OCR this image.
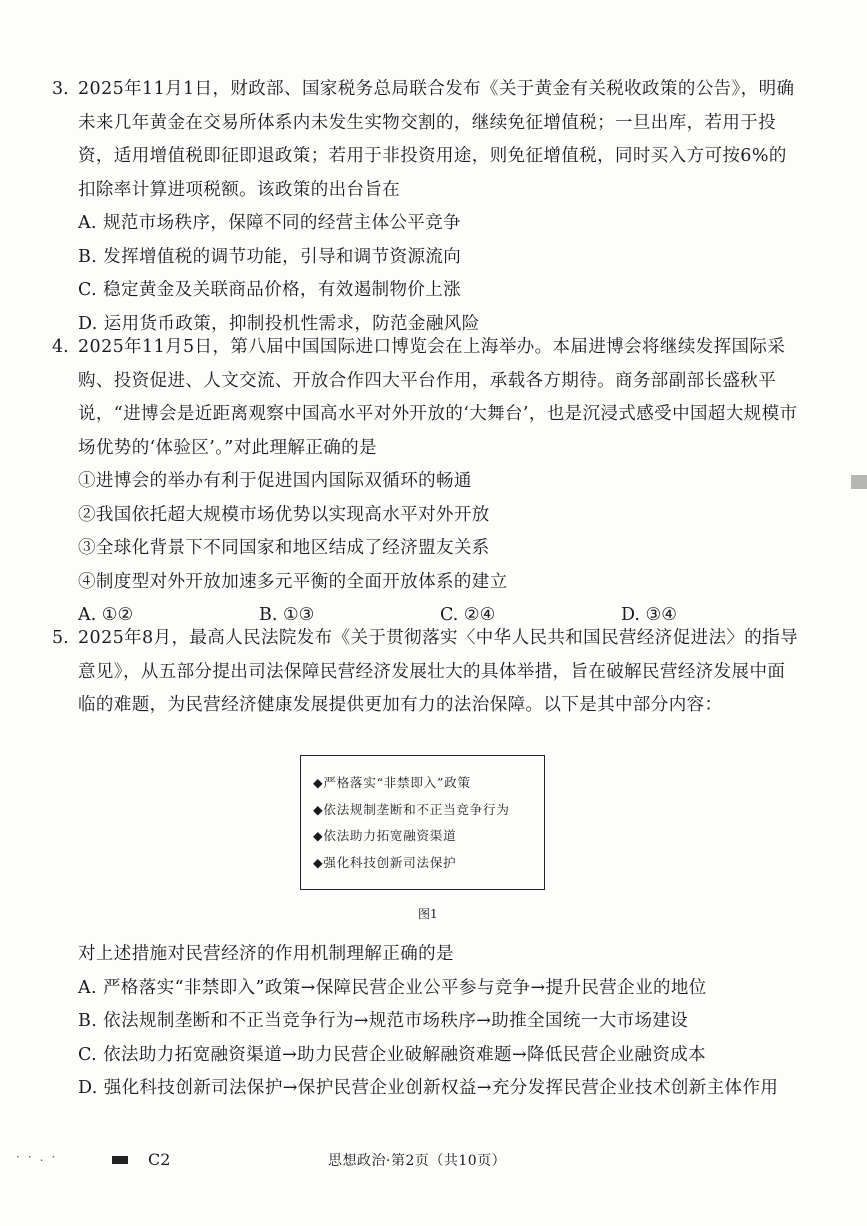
3. 2025年11月1日，财政部、国家税务总局联合发布《关于黄金有关税收政策的公告》，明确未来几年黄金在交易所体系内未发生实物交割的，继续免征增值税；一旦出库，若用于投资，适用增值税即征即退政策；若用于非投资用途，则免征增值税，同时买入方可按6%的扣除率计算进项税额。该政策的出台旨在
A. 规范市场秩序，保障不同的经营主体公平竞争
B. 发挥增值税的调节功能，引导和调节资源流向
C. 稳定黄金及关联商品价格，有效遏制物价上涨
D. 运用货币政策，抑制投机性需求，防范金融风险
4. 2025年11月5日，第八届中国国际进口博览会在上海举办。本届进博会将继续发挥国际采购、投资促进、人文交流、开放合作四大平台作用，承载各方期待。商务部副部长盛秋平说，“进博会是近距离观察中国高水平对外开放的‘大舞台’，也是沉浸式感受中国超大规模市场优势的‘体验区’。”对此理解正确的是
①进博会的举办有利于促进国内国际双循环的畅通
②我国依托超大规模市场优势以实现高水平对外开放
③全球化背景下不同国家和地区结成了经济盟友关系
④制度型对外开放加速多元平衡的全面开放体系的建立
A. ①②	B. ①③	C. ②④	D. ③④
5. 2025年8月，最高人民法院发布《关于贯彻落实〈中华人民共和国民营经济促进法〉的指导意见》，从五部分提出司法保障民营经济发展壮大的具体举措，旨在破解民营经济发展中面临的难题，为民营经济健康发展提供更加有力的法治保障。以下是其中部分内容：
◆严格落实“非禁即入”政策
◆依法规制垄断和不正当竞争行为
◆依法助力拓宽融资渠道
◆强化科技创新司法保护
图1
对上述措施对民营经济的作用机制理解正确的是
A. 严格落实“非禁即入”政策→保障民营企业公平参与竞争→提升民营企业的地位
B. 依法规制垄断和不正当竞争行为→规范市场秩序→助推全国统一大市场建设
C. 依法助力拓宽融资渠道→助力民营企业破解融资难题→降低民营企业融资成本
D. 强化科技创新司法保护→保护民营企业创新权益→充分发挥民营企业技术创新主体作用
··.·	C2	思想政治·第2页（共10页）
